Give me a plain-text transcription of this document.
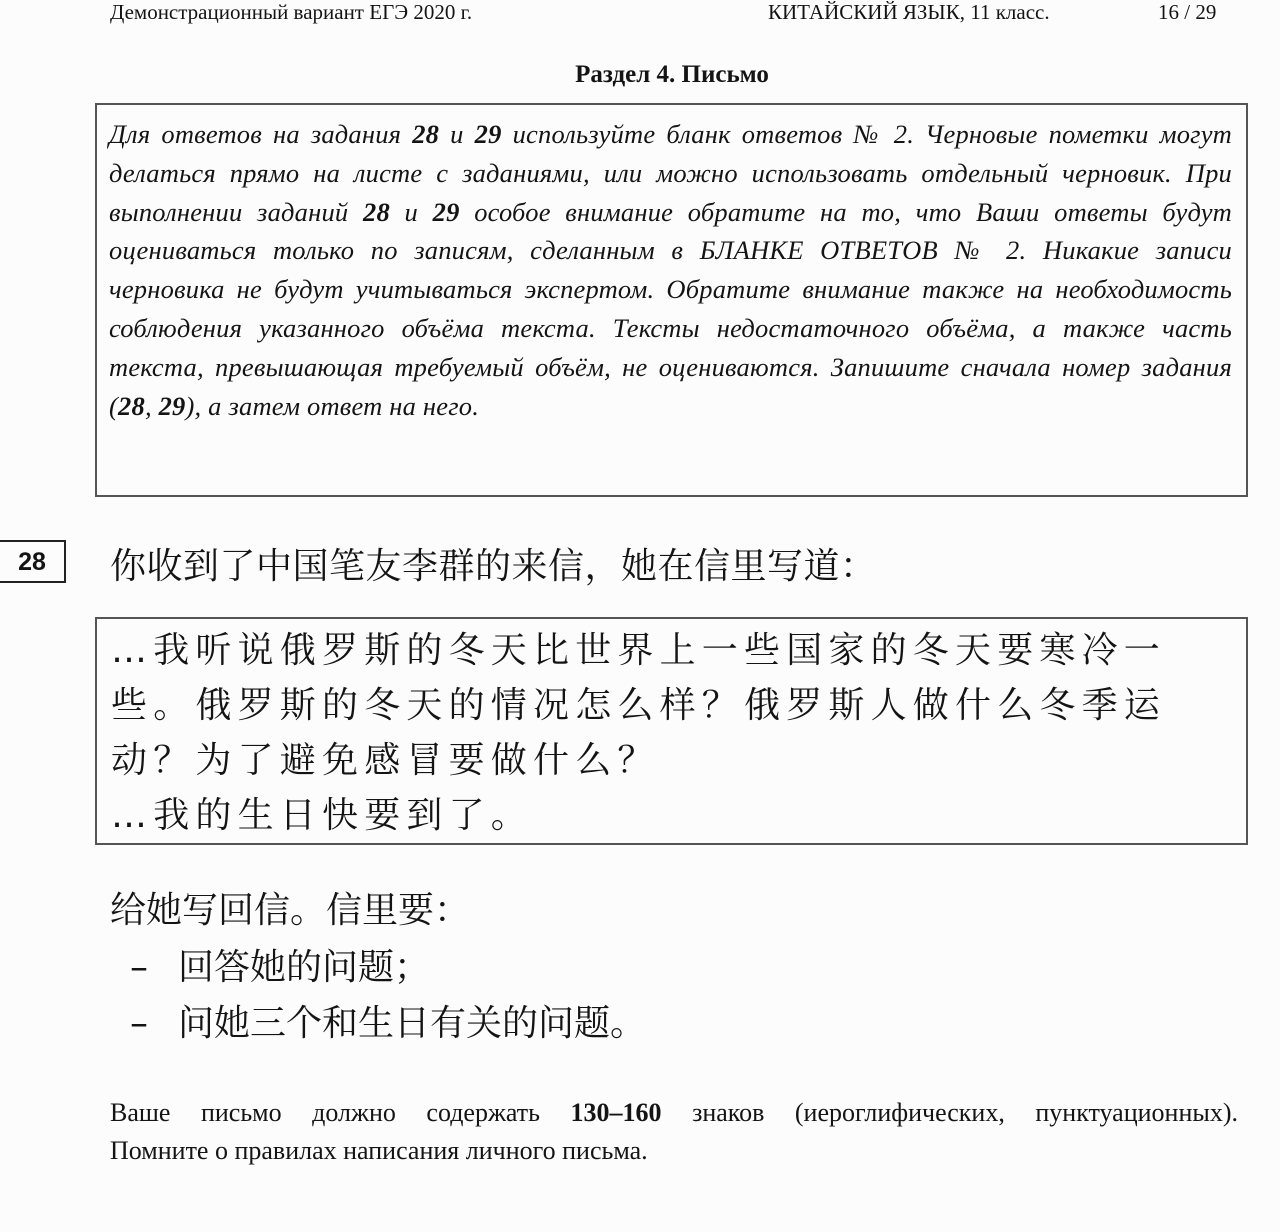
Демонстрационный вариант ЕГЭ 2020 г.	КИТАЙСКИЙ ЯЗЫК, 11 класс.	16 / 29
Раздел 4. Письмо
Для ответов на задания 28 и 29 используйте бланк ответов № 2. Черновые пометки могут делаться прямо на листе с заданиями, или можно использовать отдельный черновик. При выполнении заданий 28 и 29 особое внимание обратите на то, что Ваши ответы будут оцениваться только по записям, сделанным в БЛАНКЕ ОТВЕТОВ № 2. Никакие записи черновика не будут учитываться экспертом. Обратите внимание также на необходимость соблюдения указанного объёма текста. Тексты недостаточного объёма, а также часть текста, превышающая требуемый объём, не оцениваются. Запишите сначала номер задания (28, 29), а затем ответ на него.
28	你收到了中国笔友李群的来信，她在信里写道：
…我听说俄罗斯的冬天比世界上一些国家的冬天要寒冷一
些。俄罗斯的冬天的情况怎么样？俄罗斯人做什么冬季运
动？为了避免感冒要做什么？
…我的生日快要到了。
给她写回信。信里要：
– 回答她的问题；
– 问她三个和生日有关的问题。
Ваше письмо должно содержать 130–160 знаков (иероглифических, пунктуационных).
Помните о правилах написания личного письма.
